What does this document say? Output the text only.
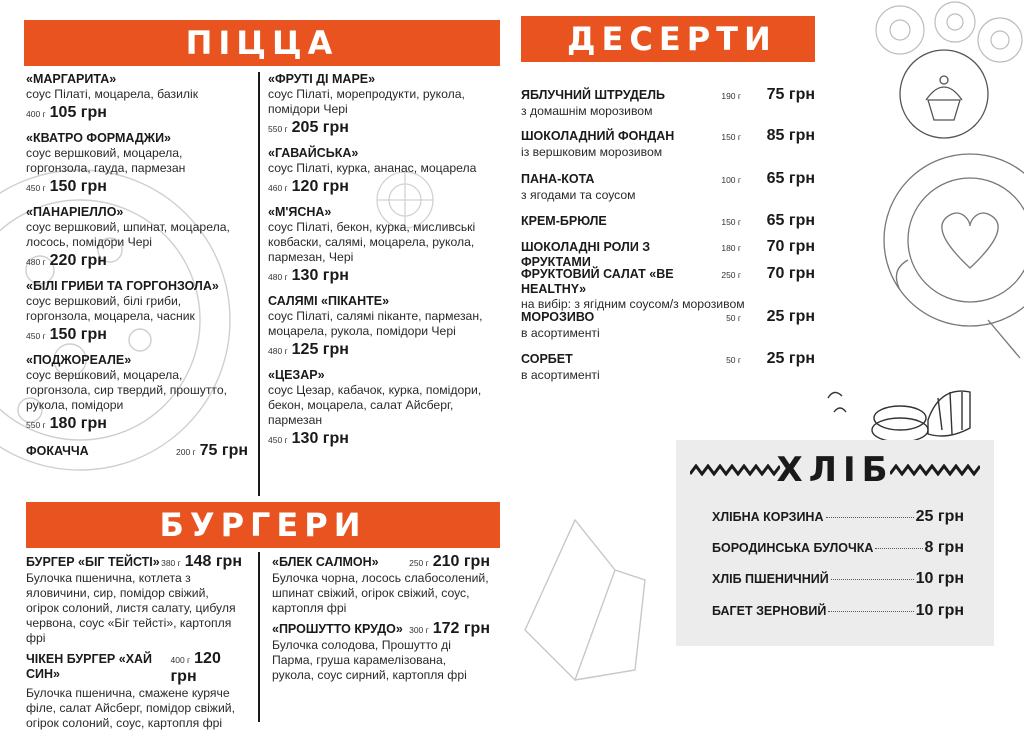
ПІЦЦА
«МАРГАРИТА»
соус Пілаті, моцарела, базилік
400 г 105 грн
«КВАТРО ФОРМАДЖИ»
соус вершковий, моцарела, горгонзола, гауда, пармезан
450 г 150 грн
«ПАНАРІЕЛЛО»
соус вершковий, шпинат, моцарела, лосось, помідори Чері
480 г 220 грн
«БІЛІ ГРИБИ ТА ГОРГОНЗОЛА»
соус вершковий, білі гриби, горгонзола, моцарела, часник
450 г 150 грн
«ПОДЖОРЕАЛЕ»
соус вершковий, моцарела, горгонзола, сир твердий, прошутто, рукола, помідори
550 г 180 грн
ФОКАЧЧА	200 г 75 грн
«ФРУТІ ДІ МАРЕ»
соус Пілаті, морепродукти, рукола, помідори Чері
550 г 205 грн
«ГАВАЙСЬКА»
соус Пілаті, курка, ананас, моцарела
460 г 120 грн
«М'ЯСНА»
соус Пілаті, бекон, курка, мисливські ковбаски, салямі, моцарела, рукола, пармезан, Чері
480 г 130 грн
САЛЯМІ «ПІКАНТЕ»
соус Пілаті, салямі піканте, пармезан, моцарела, рукола, помідори Чері
480 г 125 грн
«ЦЕЗАР»
соус Цезар, кабачок, курка, помідори, бекон, моцарела, салат Айсберг, пармезан
450 г 130 грн
ДЕСЕРТИ
ЯБЛУЧНИЙ ШТРУДЕЛЬ	190 г	75 грн
з домашнім морозивом
ШОКОЛАДНИЙ ФОНДАН	150 г	85 грн
із вершковим морозивом
ПАНА-КОТА	100 г	65 грн
з ягодами та соусом
КРЕМ-БРЮЛЕ	150 г	65 грн
ШОКОЛАДНІ РОЛИ З ФРУКТАМИ
180 г	70 грн
ФРУКТОВИЙ САЛАТ «BE HEALTHY»
250 г	70 грн
на вибір: з ягідним соусом/з морозивом
МОРОЗИВО	50 г	25 грн
в асортименті
СОРБЕТ	50 г	25 грн
в асортименті
БУРГЕРИ
БУРГЕР «БІГ ТЕЙСТІ» 380 г 148 грн
Булочка пшенична, котлета з яловичини, сир, помідор свіжий, огірок солоний, листя салату, цибуля червона, соус «Біг тейсті», картопля фрі
ЧІКЕН БУРГЕР «ХАЙ СИН»
400 г 120 грн
Булочка пшенична, смажене куряче філе, салат Айсберг, помідор свіжий, огірок солоний, соус, картопля фрі
«БЛЕК САЛМОН»	250 г 210 грн
Булочка чорна, лосось слабосолений, шпинат свіжий, огірок свіжий, соус, картопля фрі
«ПРОШУТТО КРУДО» 300 г 172 грн
Булочка солодова, Прошутто ді Парма, груша карамелізована, рукола, соус сирний, картопля фрі
ХЛІБ
ХЛІБНА КОРЗИНА	25 грн
БОРОДИНСЬКА БУЛОЧКА	8 грн
ХЛІБ ПШЕНИЧНИЙ	10 грн
БАГЕТ ЗЕРНОВИЙ	10 грн
